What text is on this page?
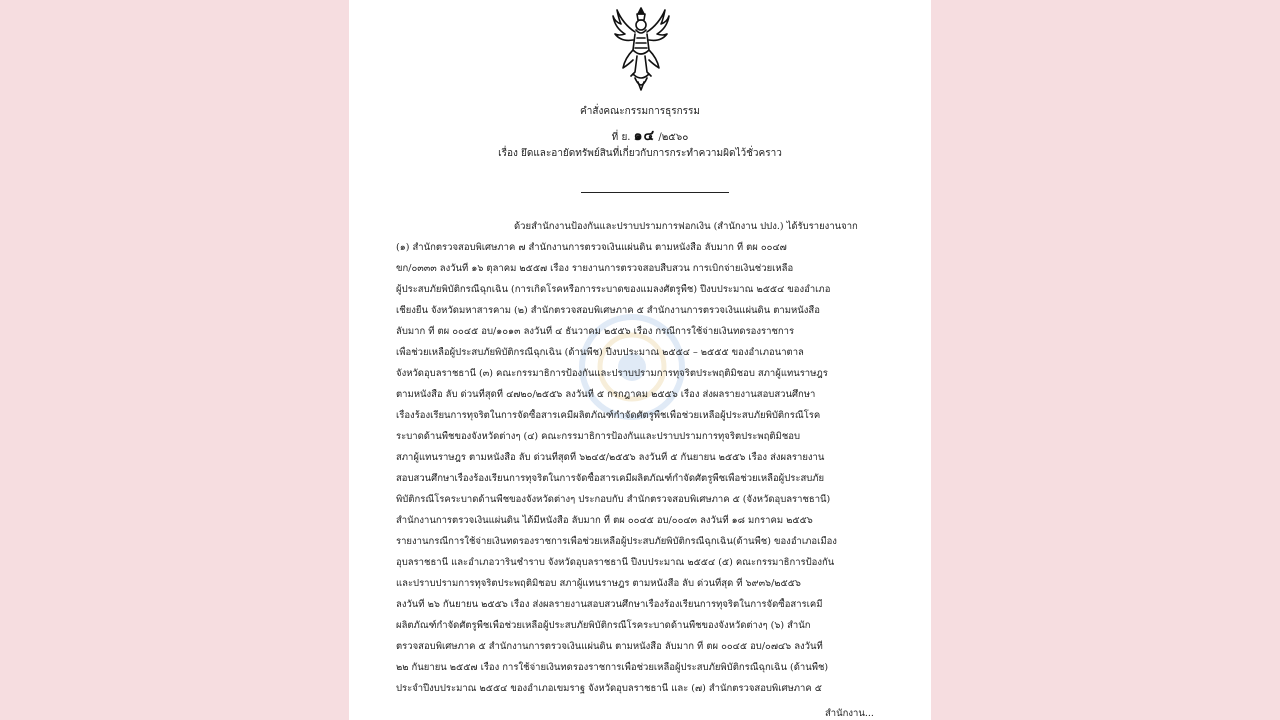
คำสั่งคณะกรรมการธุรกรรม
ที่ ย. ๑๔ /๒๕๖๐
เรื่อง ยึดและอายัดทรัพย์สินที่เกี่ยวกับการกระทำความผิดไว้ชั่วคราว
ด้วยสำนักงานป้องกันและปราบปรามการฟอกเงิน (สำนักงาน ปปง.) ได้รับรายงานจาก
(๑) สำนักตรวจสอบพิเศษภาค ๗ สำนักงานการตรวจเงินแผ่นดิน ตามหนังสือ ลับมาก ที่ ตผ ๐๐๔๗
ขก/๐๓๓๓ ลงวันที่ ๑๖ ตุลาคม ๒๕๕๗ เรื่อง รายงานการตรวจสอบสืบสวน การเบิกจ่ายเงินช่วยเหลือ
ผู้ประสบภัยพิบัติกรณีฉุกเฉิน (การเกิดโรคหรือการระบาดของแมลงศัตรูพืช) ปีงบประมาณ ๒๕๕๔ ของอำเภอ
เชียงยืน จังหวัดมหาสารคาม (๒) สำนักตรวจสอบพิเศษภาค ๕ สำนักงานการตรวจเงินแผ่นดิน ตามหนังสือ
ลับมาก ที่ ตผ ๐๐๔๕ อบ/๑๐๑๓ ลงวันที่ ๔ ธันวาคม ๒๕๕๖ เรื่อง กรณีการใช้จ่ายเงินทดรองราชการ
เพื่อช่วยเหลือผู้ประสบภัยพิบัติกรณีฉุกเฉิน (ด้านพืช) ปีงบประมาณ ๒๕๕๔ – ๒๕๕๕ ของอำเภอนาตาล
จังหวัดอุบลราชธานี (๓) คณะกรรมาธิการป้องกันและปราบปรามการทุจริตประพฤติมิชอบ สภาผู้แทนราษฎร
ตามหนังสือ ลับ ด่วนที่สุดที่ ๔๗๒๐/๒๕๕๖ ลงวันที่ ๕ กรกฎาคม ๒๕๕๖ เรื่อง ส่งผลรายงานสอบสวนศึกษา
เรื่องร้องเรียนการทุจริตในการจัดซื้อสารเคมีผลิตภัณฑ์กำจัดศัตรูพืชเพื่อช่วยเหลือผู้ประสบภัยพิบัติกรณีโรค
ระบาดด้านพืชของจังหวัดต่างๆ (๔) คณะกรรมาธิการป้องกันและปราบปรามการทุจริตประพฤติมิชอบ
สภาผู้แทนราษฎร ตามหนังสือ ลับ ด่วนที่สุดที่ ๖๒๔๕/๒๕๕๖ ลงวันที่ ๕ กันยายน ๒๕๕๖ เรื่อง ส่งผลรายงาน
สอบสวนศึกษาเรื่องร้องเรียนการทุจริตในการจัดซื้อสารเคมีผลิตภัณฑ์กำจัดศัตรูพืชเพื่อช่วยเหลือผู้ประสบภัย
พิบัติกรณีโรคระบาดด้านพืชของจังหวัดต่างๆ ประกอบกับ สำนักตรวจสอบพิเศษภาค ๕ (จังหวัดอุบลราชธานี)
สำนักงานการตรวจเงินแผ่นดิน ได้มีหนังสือ ลับมาก ที่ ตผ ๐๐๔๕ อบ/๐๐๔๓ ลงวันที่ ๑๘ มกราคม ๒๕๕๖
รายงานกรณีการใช้จ่ายเงินทดรองราชการเพื่อช่วยเหลือผู้ประสบภัยพิบัติกรณีฉุกเฉิน(ด้านพืช) ของอำเภอเมือง
อุบลราชธานี และอำเภอวารินชำราบ จังหวัดอุบลราชธานี ปีงบประมาณ ๒๕๕๔ (๕) คณะกรรมาธิการป้องกัน
และปราบปรามการทุจริตประพฤติมิชอบ สภาผู้แทนราษฎร ตามหนังสือ ลับ ด่วนที่สุด ที่ ๖๙๓๖/๒๕๕๖
ลงวันที่ ๒๖ กันยายน ๒๕๕๖ เรื่อง ส่งผลรายงานสอบสวนศึกษาเรื่องร้องเรียนการทุจริตในการจัดซื้อสารเคมี
ผลิตภัณฑ์กำจัดศัตรูพืชเพื่อช่วยเหลือผู้ประสบภัยพิบัติกรณีโรคระบาดด้านพืชของจังหวัดต่างๆ (๖) สำนัก
ตรวจสอบพิเศษภาค ๕ สำนักงานการตรวจเงินแผ่นดิน ตามหนังสือ ลับมาก ที่ ตผ ๐๐๔๕ อบ/๐๗๔๖ ลงวันที่
๒๒ กันยายน ๒๕๕๗ เรื่อง การใช้จ่ายเงินทดรองราชการเพื่อช่วยเหลือผู้ประสบภัยพิบัติกรณีฉุกเฉิน (ด้านพืช)
ประจำปีงบประมาณ ๒๕๕๔ ของอำเภอเขมราฐ จังหวัดอุบลราชธานี และ (๗) สำนักตรวจสอบพิเศษภาค ๕
สำนักงาน...
